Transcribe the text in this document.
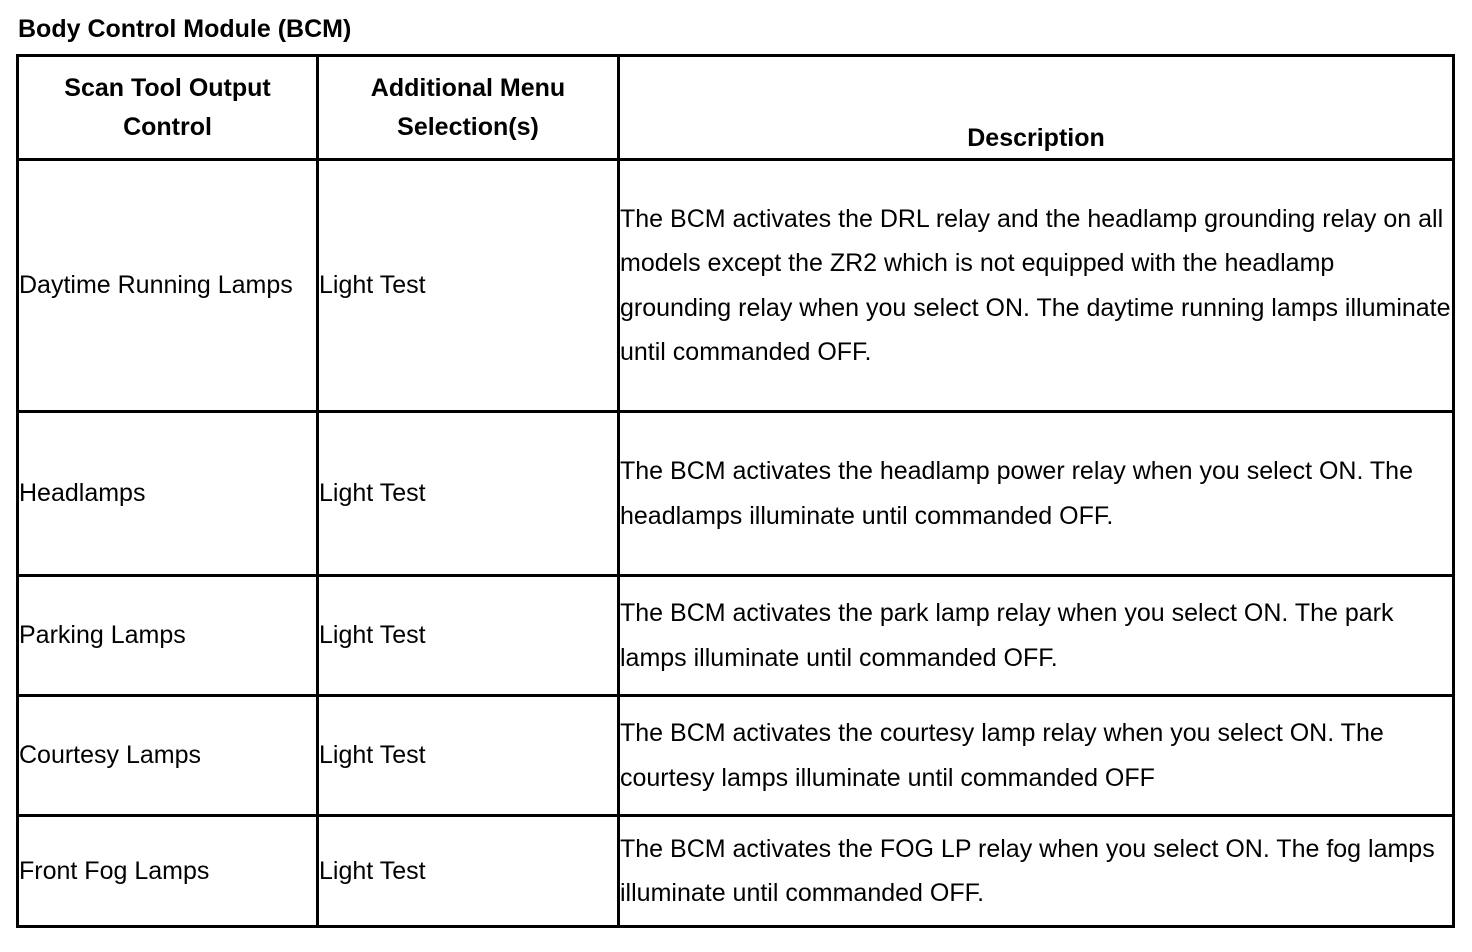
Body Control Module (BCM)
Scan Tool Output Control	Additional Menu Selection(s)	Description
Daytime Running Lamps	Light Test	The BCM activates the DRL relay and the headlamp grounding relay on all models except the ZR2 which is not equipped with the headlamp grounding relay when you select ON. The daytime running lamps illuminate until commanded OFF.
Headlamps	Light Test	The BCM activates the headlamp power relay when you select ON. The headlamps illuminate until commanded OFF.
Parking Lamps	Light Test	The BCM activates the park lamp relay when you select ON. The park lamps illuminate until commanded OFF.
Courtesy Lamps	Light Test	The BCM activates the courtesy lamp relay when you select ON. The courtesy lamps illuminate until commanded OFF
Front Fog Lamps	Light Test	The BCM activates the FOG LP relay when you select ON. The fog lamps illuminate until commanded OFF.
